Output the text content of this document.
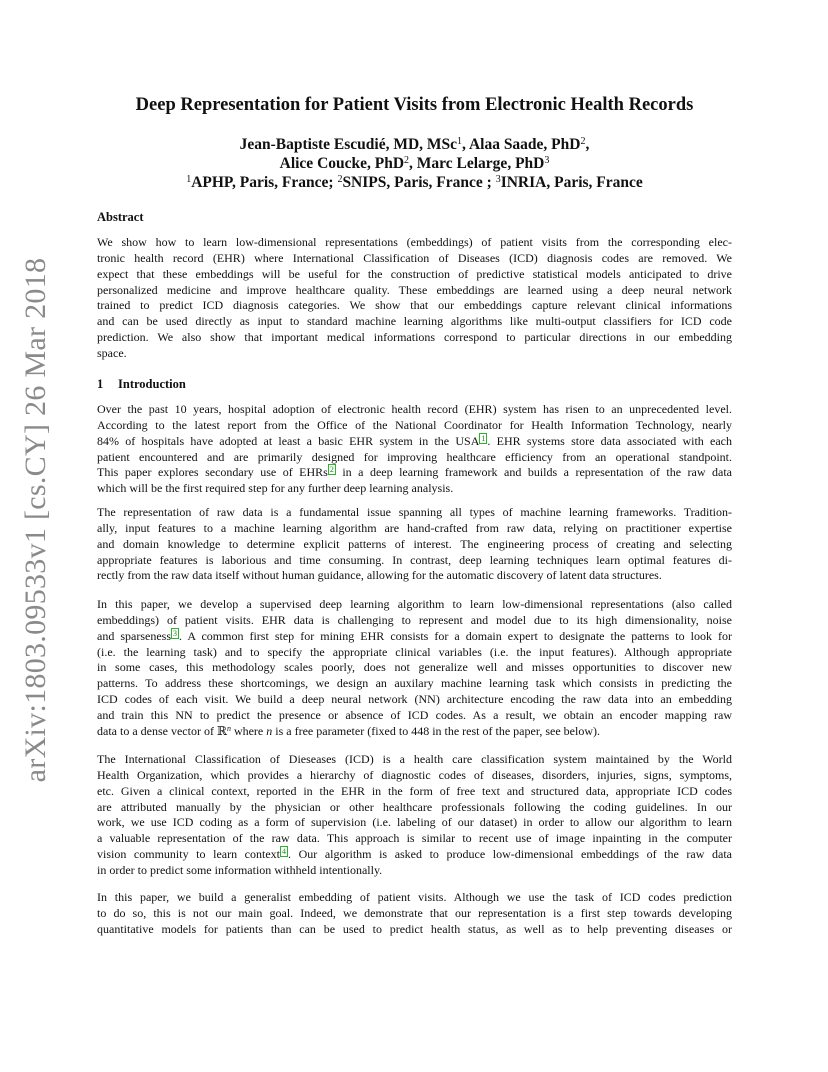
arXiv:1803.09533v1 [cs.CY] 26 Mar 2018
Deep Representation for Patient Visits from Electronic Health Records
Jean-Baptiste Escudié, MD, MSc$^1$, Alaa Saade, PhD$^2$,
Alice Coucke, PhD$^2$, Marc Lelarge, PhD$^3$
$^1$APHP, Paris, France; $^2$SNIPS, Paris, France ; $^3$INRIA, Paris, France
Abstract
We show how to learn low-dimensional representations (embeddings) of patient visits from the corresponding elec-
tronic health record (EHR) where International Classification of Diseases (ICD) diagnosis codes are removed. We
expect that these embeddings will be useful for the construction of predictive statistical models anticipated to drive
personalized medicine and improve healthcare quality. These embeddings are learned using a deep neural network
trained to predict ICD diagnosis categories. We show that our embeddings capture relevant clinical informations
and can be used directly as input to standard machine learning algorithms like multi-output classifiers for ICD code
prediction. We also show that important medical informations correspond to particular directions in our embedding
space.
1 Introduction
Over the past 10 years, hospital adoption of electronic health record (EHR) system has risen to an unprecedented level.
According to the latest report from the Office of the National Coordinator for Health Information Technology, nearly
84% of hospitals have adopted at least a basic EHR system in the USA $^1$ . EHR systems store data associated with each
patient encountered and are primarily designed for improving healthcare efficiency from an operational standpoint.
This paper explores secondary use of EHRs $^2$ in a deep learning framework and builds a representation of the raw data
which will be the first required step for any further deep learning analysis.
The representation of raw data is a fundamental issue spanning all types of machine learning frameworks. Tradition-
ally, input features to a machine learning algorithm are hand-crafted from raw data, relying on practitioner expertise
and domain knowledge to determine explicit patterns of interest. The engineering process of creating and selecting
appropriate features is laborious and time consuming. In contrast, deep learning techniques learn optimal features di-
rectly from the raw data itself without human guidance, allowing for the automatic discovery of latent data structures.
In this paper, we develop a supervised deep learning algorithm to learn low-dimensional representations (also called
embeddings) of patient visits. EHR data is challenging to represent and model due to its high dimensionality, noise
and sparseness $^3$ . A common first step for mining EHR consists for a domain expert to designate the patterns to look for
(i.e. the learning task) and to specify the appropriate clinical variables (i.e. the input features). Although appropriate
in some cases, this methodology scales poorly, does not generalize well and misses opportunities to discover new
patterns. To address these shortcomings, we design an auxilary machine learning task which consists in predicting the
ICD codes of each visit. We build a deep neural network (NN) architecture encoding the raw data into an embedding
and train this NN to predict the presence or absence of ICD codes. As a result, we obtain an encoder mapping raw
data to a dense vector of ℝ$^n$ where n is a free parameter (fixed to 448 in the rest of the paper, see below).
The International Classification of Dieseases (ICD) is a health care classification system maintained by the World
Health Organization, which provides a hierarchy of diagnostic codes of diseases, disorders, injuries, signs, symptoms,
etc. Given a clinical context, reported in the EHR in the form of free text and structured data, appropriate ICD codes
are attributed manually by the physician or other healthcare professionals following the coding guidelines. In our
work, we use ICD coding as a form of supervision (i.e. labeling of our dataset) in order to allow our algorithm to learn
a valuable representation of the raw data. This approach is similar to recent use of image inpainting in the computer
vision community to learn context $^4$ . Our algorithm is asked to produce low-dimensional embeddings of the raw data
in order to predict some information withheld intentionally.
In this paper, we build a generalist embedding of patient visits. Although we use the task of ICD codes prediction
to do so, this is not our main goal. Indeed, we demonstrate that our representation is a first step towards developing
quantitative models for patients than can be used to predict health status, as well as to help preventing diseases or
